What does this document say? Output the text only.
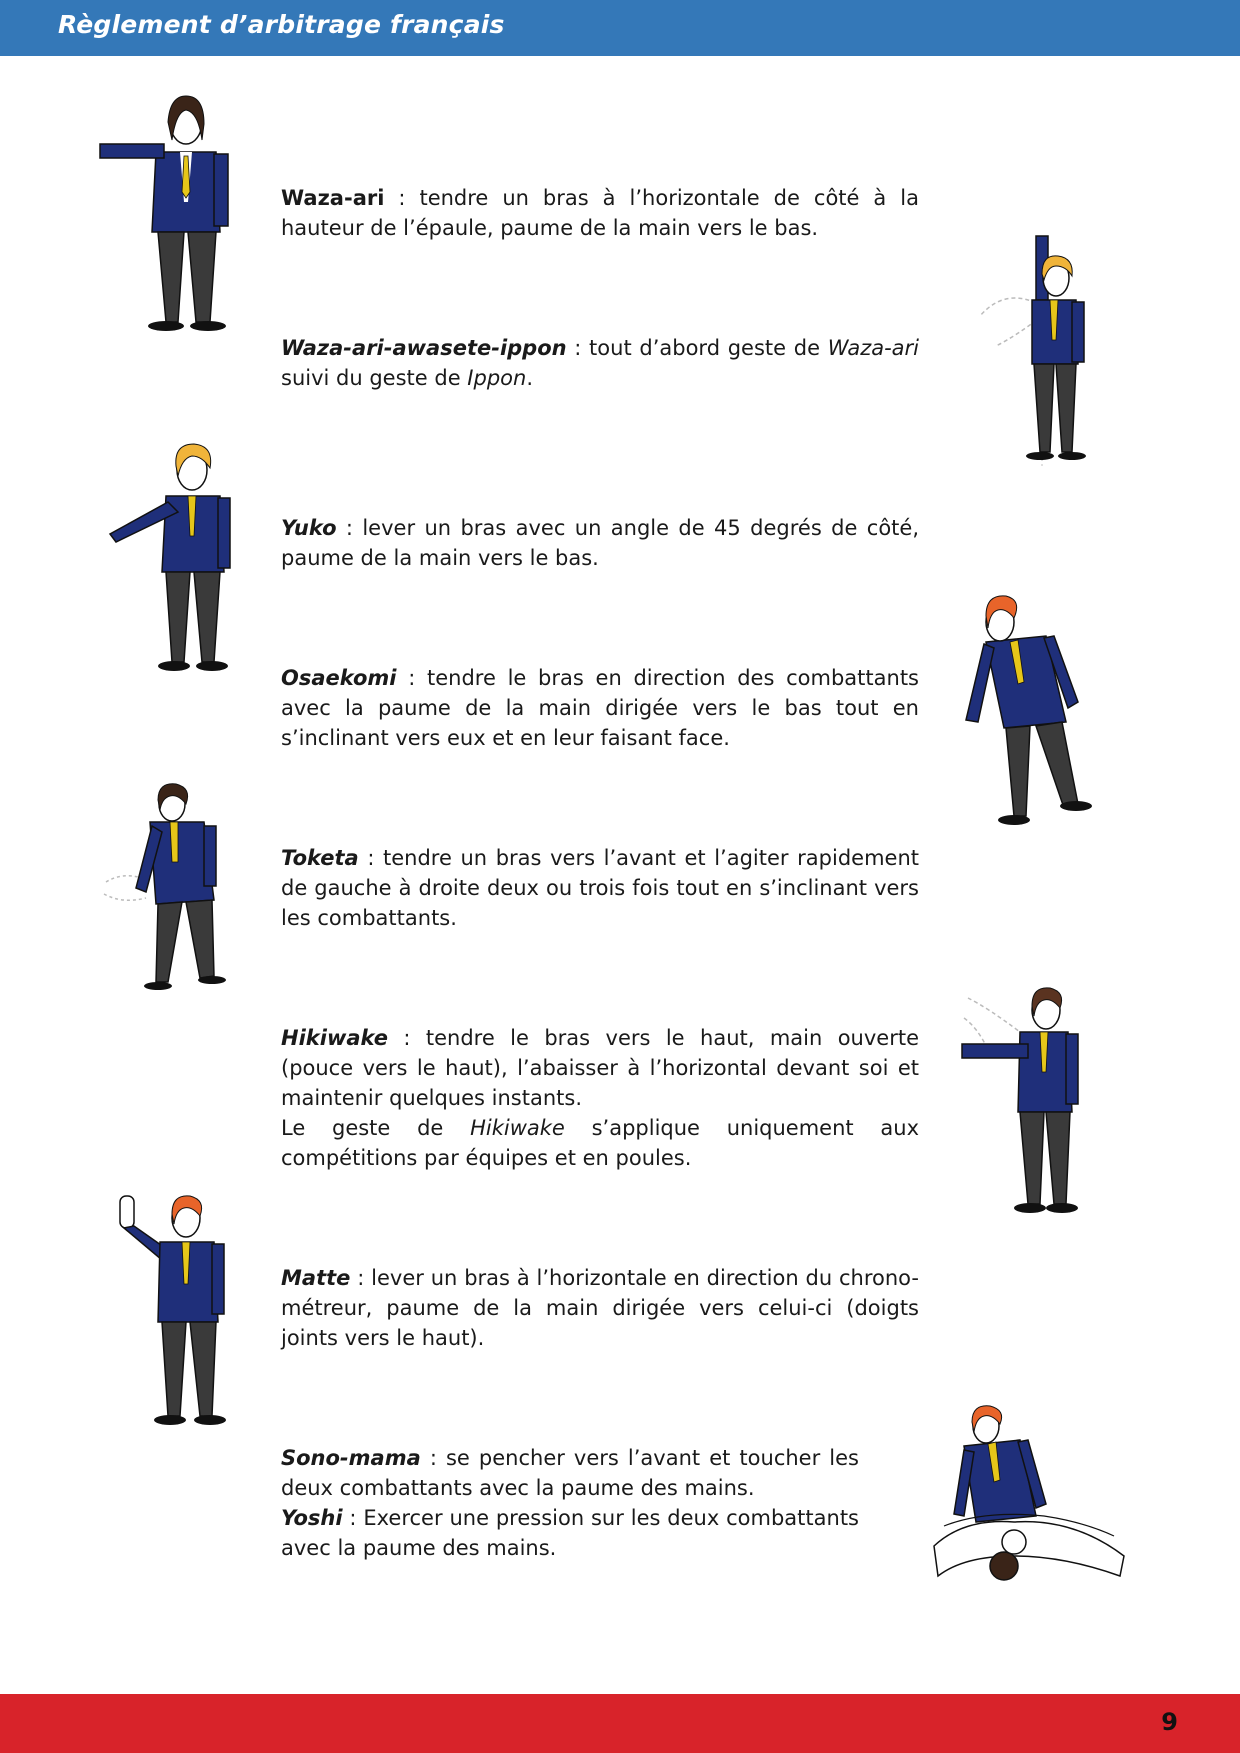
Règlement d’arbitrage français

Waza-ari : tendre un bras à l’horizontale de côté à la hauteur de l’épaule, paume de la main vers le bas.

Waza-ari-awasete-ippon : tout d’abord geste de Waza-ari suivi du geste de Ippon.

Yuko : lever un bras avec un angle de 45 degrés de côté, paume de la main vers le bas.

Osaekomi : tendre le bras en direction des combattants avec la paume de la main dirigée vers le bas tout en s’inclinant vers eux et en leur faisant face.

Toketa : tendre un bras vers l’avant et l’agiter rapidement de gauche à droite deux ou trois fois tout en s’inclinant vers les combattants.

Hikiwake : tendre le bras vers le haut, main ouverte (pouce vers le haut), l’abaisser à l’horizontal devant soi et maintenir quelques instants.

Le geste de Hikiwake s’applique uniquement aux compétitions par équipes et en poules.

Matte : lever un bras à l’horizontale en direction du chrono-métreur, paume de la main dirigée vers celui-ci (doigts joints vers le haut).

Sono-mama : se pencher vers l’avant et toucher les deux combattants avec la paume des mains.

Yoshi : Exercer une pression sur les deux combattants avec la paume des mains.

9
